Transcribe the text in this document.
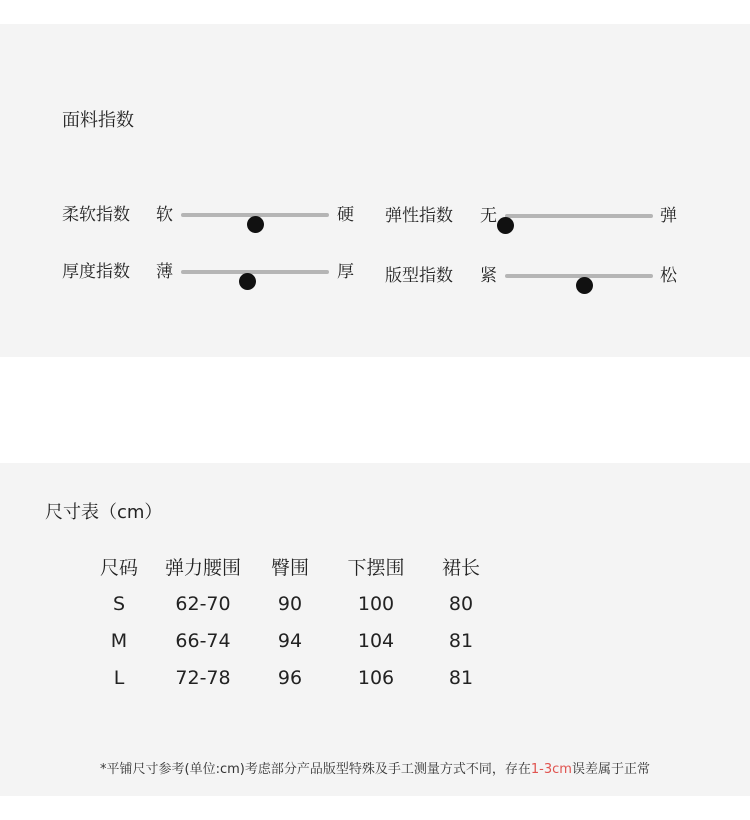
面料指数
柔软指数 软	硬 弹性指数 无	弹
厚度指数 薄	厚 版型指数 紧	松
尺寸表（cm）
尺码	弹力腰围	臀围	下摆围	裙长
S	62-70	90	100	80
M	66-74	94	104	81
L	72-78	96	106	81
*平铺尺寸参考(单位:cm)考虑部分产品版型特殊及手工测量方式不同，存在1-3cm误差属于正常
